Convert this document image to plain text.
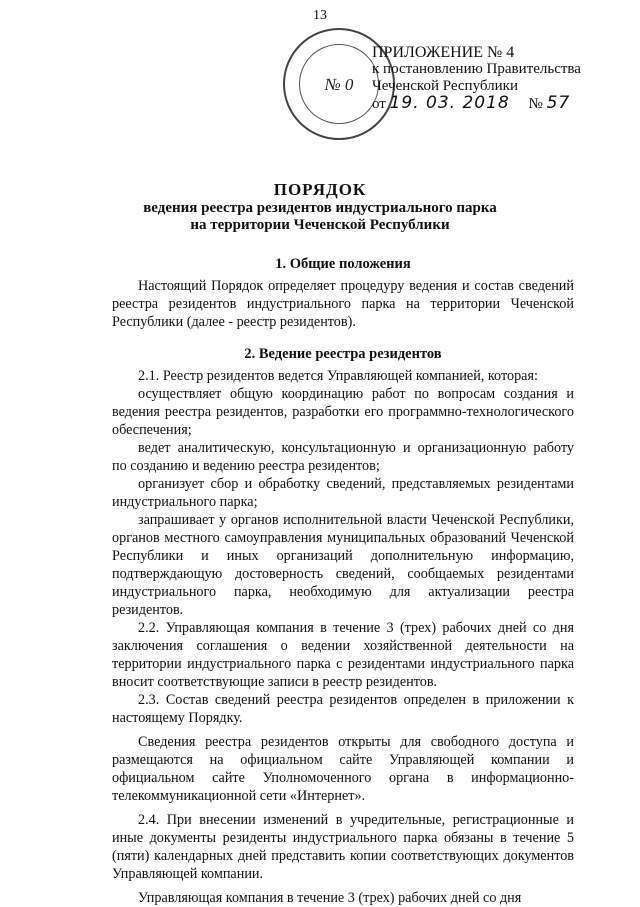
13
№ 0
ПРИЛОЖЕНИЕ № 4
к постановлению Правительства
Чеченской Республики
от 19. 03. 2018 № 57
ПОРЯДОК
ведения реестра резидентов индустриального парка
на территории Чеченской Республики
1. Общие положения

Настоящий Порядок определяет процедуру ведения и состав сведений реестра резидентов индустриального парка на территории Чеченской Республики (далее - реестр резидентов).

2. Ведение реестра резидентов

2.1. Реестр резидентов ведется Управляющей компанией, которая:

осуществляет общую координацию работ по вопросам создания и ведения реестра резидентов, разработки его программно-технологического обеспечения;

ведет аналитическую, консультационную и организационную работу по созданию и ведению реестра резидентов;

организует сбор и обработку сведений, представляемых резидентами индустриального парка;

запрашивает у органов исполнительной власти Чеченской Республики, органов местного самоуправления муниципальных образований Чеченской Республики и иных организаций дополнительную информацию, подтверждающую достоверность сведений, сообщаемых резидентами индустриального парка, необходимую для актуализации реестра резидентов.

2.2. Управляющая компания в течение 3 (трех) рабочих дней со дня заключения соглашения о ведении хозяйственной деятельности на территории индустриального парка с резидентами индустриального парка вносит соответствующие записи в реестр резидентов.

2.3. Состав сведений реестра резидентов определен в приложении к настоящему Порядку.

Сведения реестра резидентов открыты для свободного доступа и размещаются на официальном сайте Управляющей компании и официальном сайте Уполномоченного органа в информационно-телекоммуникационной сети «Интернет».

2.4. При внесении изменений в учредительные, регистрационные и иные документы резиденты индустриального парка обязаны в течение 5 (пяти) календарных дней представить копии соответствующих документов Управляющей компании.

Управляющая компания в течение 3 (трех) рабочих дней со дня
